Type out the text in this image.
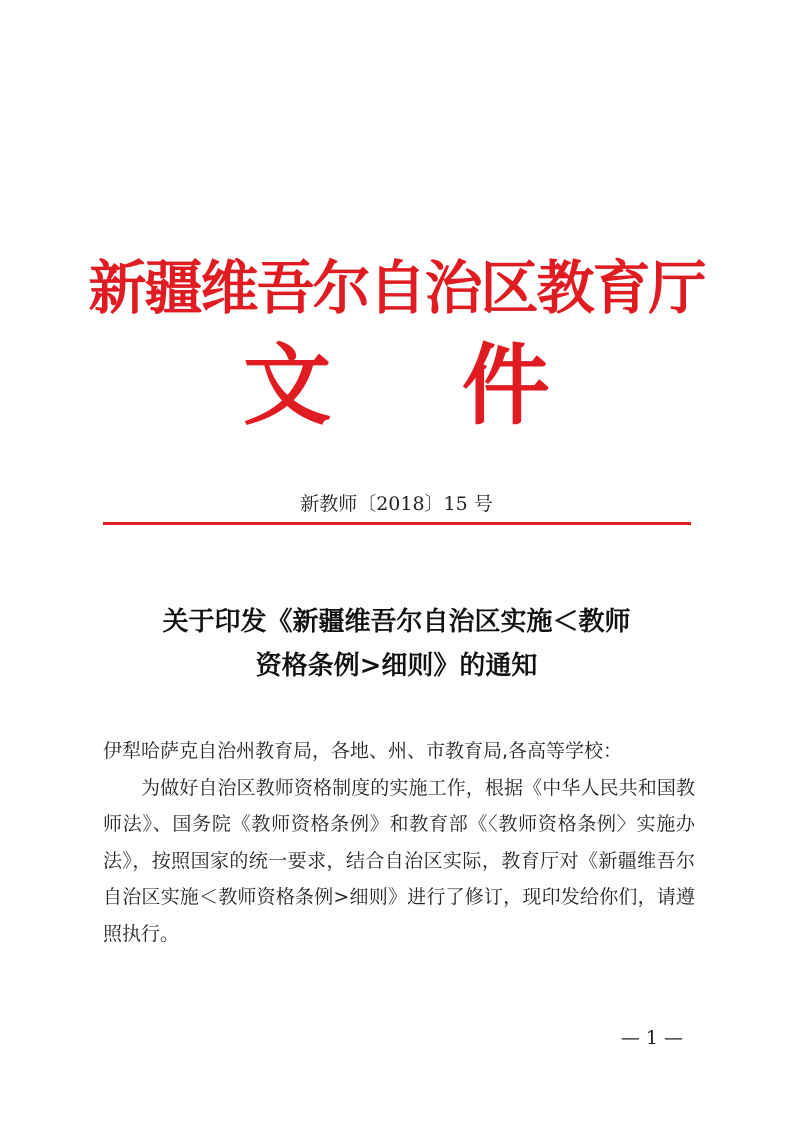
新疆维吾尔自治区教育厅
文 件
新教师〔2018〕15 号
关于印发《新疆维吾尔自治区实施＜教师
资格条例>细则》的通知
伊犁哈萨克自治州教育局，各地、州、市教育局,各高等学校：

为做好自治区教师资格制度的实施工作，根据《中华人民共和国教师法》、国务院《教师资格条例》和教育部《〈教师资格条例〉实施办法》，按照国家的统一要求，结合自治区实际，教育厅对《新疆维吾尔自治区实施＜教师资格条例>细则》进行了修订，现印发给你们，请遵照执行。

— 1 —
